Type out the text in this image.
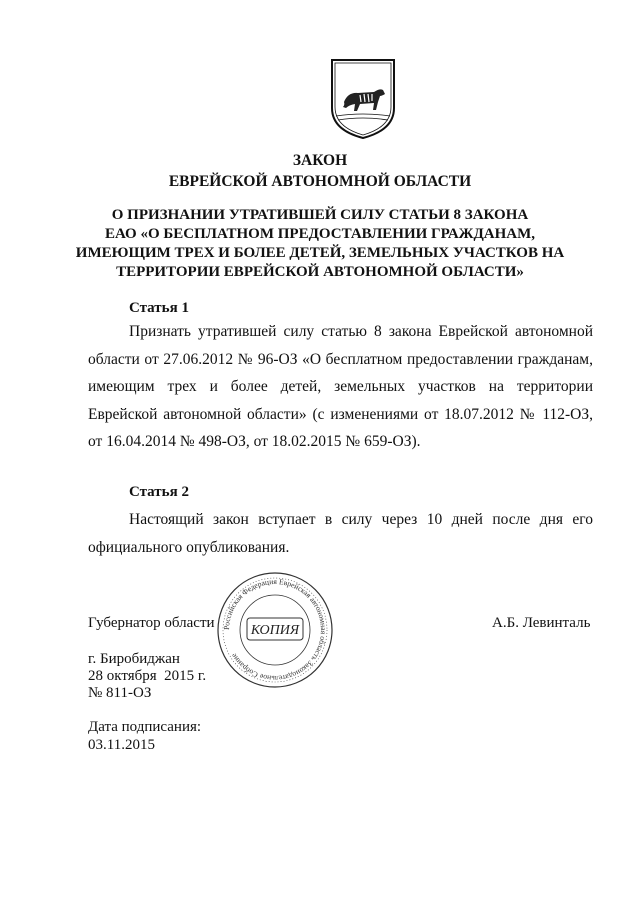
ЗАКОН
ЕВРЕЙСКОЙ АВТОНОМНОЙ ОБЛАСТИ
О ПРИЗНАНИИ УТРАТИВШЕЙ СИЛУ СТАТЬИ 8 ЗАКОНА
ЕАО «О БЕСПЛАТНОМ ПРЕДОСТАВЛЕНИИ ГРАЖДАНАМ,
ИМЕЮЩИМ ТРЕХ И БОЛЕЕ ДЕТЕЙ, ЗЕМЕЛЬНЫХ УЧАСТКОВ НА
ТЕРРИТОРИИ ЕВРЕЙСКОЙ АВТОНОМНОЙ ОБЛАСТИ»
Статья 1
Признать утратившей силу статью 8 закона Еврейской автономной области от 27.06.2012 № 96-ОЗ «О бесплатном предоставлении гражданам, имеющим трех и более детей, земельных участков на территории Еврейской автономной области» (с изменениями от 18.07.2012 № 112-ОЗ, от 16.04.2014 № 498-ОЗ, от 18.02.2015 № 659-ОЗ).
Статья 2
Настоящий закон вступает в силу через 10 дней после дня его официального опубликования.
Российская Федерация Еврейская автономная область Законодательное Собрание
КОПИЯ
Губернатор области	А.Б. Левинталь
г. Биробиджан
28 октября  2015 г.
№ 811-ОЗ
Дата подписания:
03.11.2015
